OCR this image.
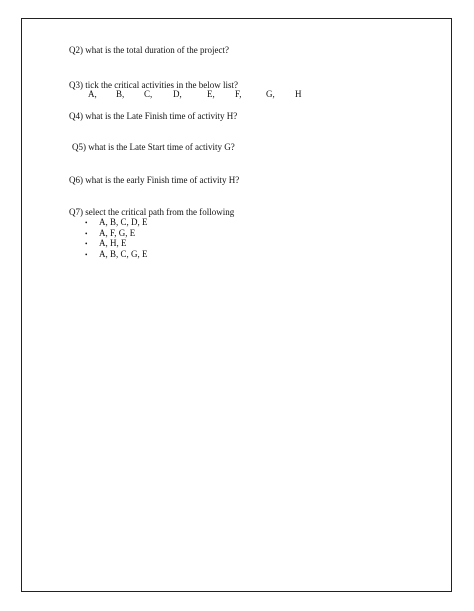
Q2) what is the total duration of the project?
Q3) tick the critical activities in the below list?
A, B, C, D,	E, F,	G, H
Q4) what is the Late Finish time of activity H?
Q5) what is the Late Start time of activity G?
Q6) what is the early Finish time of activity H?
Q7) select the critical path from the following
• A, B, C, D, E
• A, F, G, E
• A, H, E
• A, B, C, G, E
